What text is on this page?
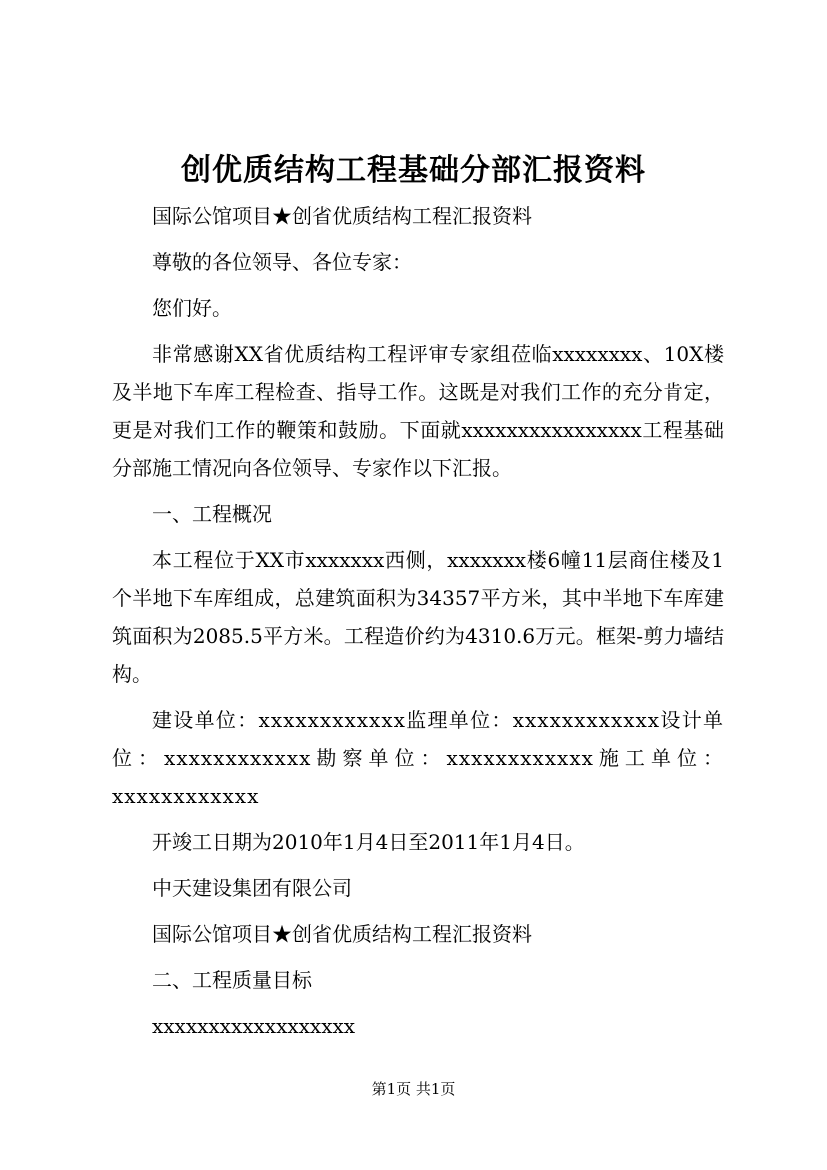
创优质结构工程基础分部汇报资料

国际公馆项目★创省优质结构工程汇报资料

尊敬的各位领导、各位专家：

您们好。

非常感谢XX省优质结构工程评审专家组莅临xxxxxxxx、10X楼及半地下车库工程检查、指导工作。这既是对我们工作的充分肯定，更是对我们工作的鞭策和鼓励。下面就xxxxxxxxxxxxxxxx工程基础分部施工情况向各位领导、专家作以下汇报。

一、工程概况

本工程位于XX市xxxxxxx西侧，xxxxxxx楼6幢11层商住楼及1个半地下车库组成，总建筑面积为34357平方米，其中半地下车库建筑面积为2085.5平方米。工程造价约为4310.6万元。框架-剪力墙结构。

建设单位：xxxxxxxxxxxx监理单位：xxxxxxxxxxxx设计单位：xxxxxxxxxxxx勘察单位：xxxxxxxxxxxx施工单位：xxxxxxxxxxxx

开竣工日期为2010年1月4日至2011年1月4日。

中天建设集团有限公司

国际公馆项目★创省优质结构工程汇报资料

二、工程质量目标

xxxxxxxxxxxxxxxxxx

第1页 共1页
